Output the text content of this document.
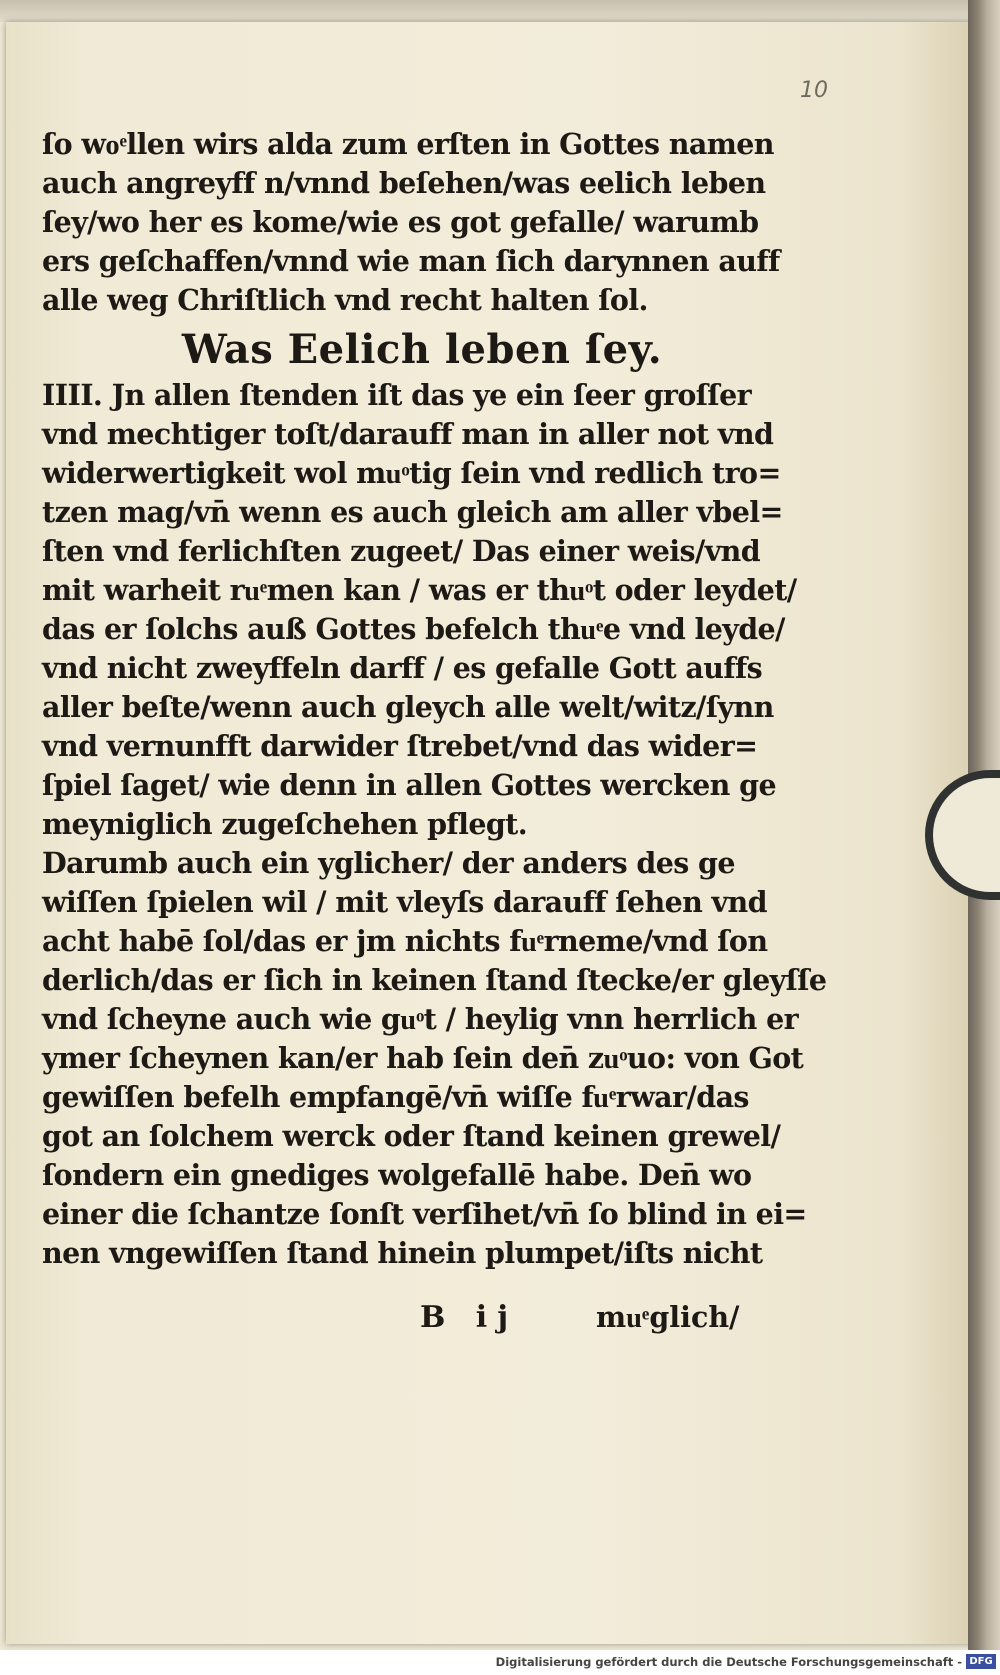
10
ſo woͤllen wirs alda zum erſten in Gottes namen
auch angreyff n/vnnd beſehen/was eelich leben
ſey/wo her es kome/wie es got gefalle/ warumb
ers geſchaffen/vnnd wie man ſich darynnen auff
alle weg Chriſtlich vnd recht halten ſol.
Was Eelich leben ſey.
IIII. Jn allen ſtenden iſt das ye ein ſeer groſſer
vnd mechtiger toſt/darauff man in aller not vnd
widerwertigkeit wol muͦtig ſein vnd redlich tro=
tzen mag/vn̄ wenn es auch gleich am aller vbel=
ſten vnd ferlichſten zugeet/ Das einer weis/vnd
mit warheit ruͤmen kan / was er thuͦt oder leydet/
das er ſolchs auß Gottes befelch thuͤe vnd leyde/
vnd nicht zweyffeln darff / es gefalle Gott auffs
aller beſte/wenn auch gleych alle welt/witz/ſynn
vnd vernunfft darwider ſtrebet/vnd das wider=
ſpiel ſaget/ wie denn in allen Gottes wercken ge
meyniglich zugeſchehen pflegt.
Darumb auch ein yglicher/ der anders des ge
wiſſen ſpielen wil / mit vleyſs darauff ſehen vnd
acht habē ſol/das er jm nichts fuͤrneme/vnd ſon
derlich/das er ſich in keinen ſtand ſtecke/er gleyſſe
vnd ſcheyne auch wie guͦt / heylig vnn herrlich er
ymer ſcheynen kan/er hab ſein den̄ zuͦuo: von Got
gewiſſen befelh empfangē/vn̄ wiſſe fuͤrwar/das
got an ſolchem werck oder ſtand keinen grewel/
ſondern ein gnediges wolgefallē habe. Den̄ wo
einer die ſchantze ſonſt verſihet/vn̄ ſo blind in ei=
nen vngewiſſen ſtand hinein plumpet/iſts nicht
B ij	muͤglich/
Digitalisierung gefördert durch die Deutsche Forschungsgemeinschaft - DFG
